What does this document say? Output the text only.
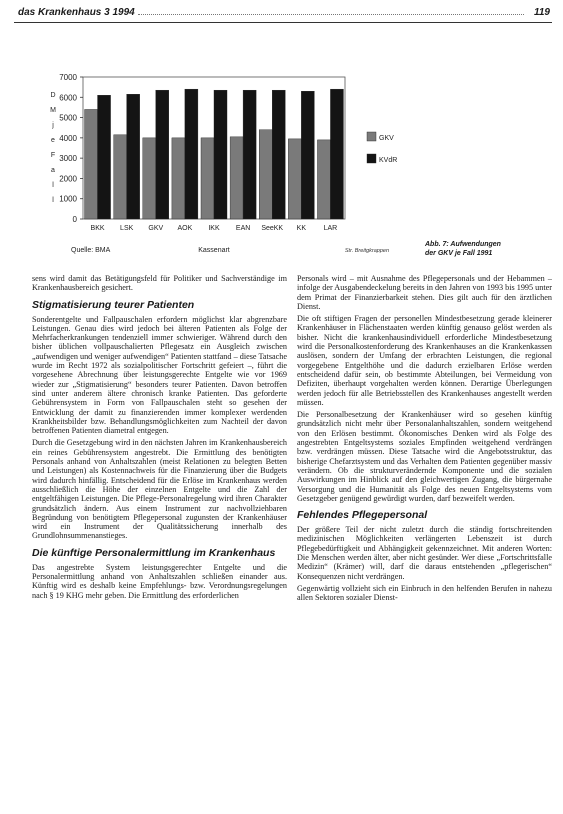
das Krankenhaus 3 1994	119
7000
6000
5000
4000
3000
2000
1000
0
D
M
j
e
F
a
l
l
BKK LSK GKV AOK IKK EAN SeeKK KK	LAR
Quelle: BMA	Kassenart	Str. Breitgkrappen
GKV
KVdR
Abb. 7: Aufwendungen
der GKV je Fall 1991

sens wird damit das Betätigungsfeld für Politiker und Sachverständige im Krankenhausbereich gesichert.

Stigmatisierung teurer Patienten

Sonderentgelte und Fallpauschalen erfordern möglichst klar abgrenzbare Leistungen. Genau dies wird jedoch bei älteren Patienten als Folge der Mehrfacherkrankungen tendenziell immer schwieriger. Während durch den bisher üblichen vollpauschalierten Pflegesatz ein Ausgleich zwischen „aufwendigen und weniger aufwendigen“ Patienten stattfand – diese Tatsache wurde im Recht 1972 als sozialpolitischer Fortschritt gefeiert –, führt die vorgesehene Abrechnung über leistungsgerechte Entgelte wie vor 1969 wieder zur „Stigmatisierung“ besonders teurer Patienten. Davon betroffen sind unter anderem ältere chronisch kranke Patienten. Das geforderte Gebührensystem in Form von Fallpauschalen steht so gesehen der Entwicklung der damit zu finanzierenden immer komplexer werdenden Krankheitsbilder bzw. Behandlungsmöglichkeiten zum Nachteil der davon betroffenen Patienten diametral entgegen.

Durch die Gesetzgebung wird in den nächsten Jahren im Krankenhausbereich ein reines Gebührensystem angestrebt. Die Ermittlung des benötigten Personals anhand von Anhaltszahlen (meist Relationen zu belegten Betten und Leistungen) als Kostennachweis für die Finanzierung über die Budgets wird dadurch hinfällig. Entscheidend für die Erlöse im Krankenhaus werden ausschließlich die Höhe der einzelnen Entgelte und die Zahl der entgeltfähigen Leistungen. Die Pflege-Personalregelung wird ihren Charakter grundsätzlich ändern. Aus einem Instrument zur nachvollziehbaren Begründung von benötigtem Pflegepersonal zugunsten der Krankenhäuser wird ein Instrument der Qualitätssicherung innerhalb des Grundlohnsummenanstieges.

Die künftige Personalermittlung im Krankenhaus

Das angestrebte System leistungsgerechter Entgelte und die Personalermittlung anhand von Anhaltszahlen schließen einander aus. Künftig wird es deshalb keine Empfehlungs- bzw. Verordnungsregelungen nach § 19 KHG mehr geben. Die Ermittlung des erforderlichen

Personals wird – mit Ausnahme des Pflegepersonals und der Hebammen – infolge der Ausgabendeckelung bereits in den Jahren von 1993 bis 1995 unter dem Primat der Finanzierbarkeit stehen. Dies gilt auch für den ärztlichen Dienst.

Die oft stiftigen Fragen der personellen Mindestbesetzung gerade kleinerer Krankenhäuser in Flächenstaaten werden künftig genauso gelöst werden als bisher. Nicht die krankenhausindividuell erforderliche Mindestbesetzung wird die Personalkostenforderung des Krankenhauses an die Krankenkassen auslösen, sondern der Umfang der erbrachten Leistungen, die regional vorgegebene Entgelthöhe und die dadurch erzielbaren Erlöse werden entscheidend dafür sein, ob bestimmte Abteilungen, bei Vermeidung von Defiziten, überhaupt vorgehalten werden können. Derartige Überlegungen werden jedoch für alle Betriebsstellen des Krankenhauses angestellt werden müssen.

Die Personalbesetzung der Krankenhäuser wird so gesehen künftig grundsätzlich nicht mehr über Personalanhaltszahlen, sondern weitgehend von den Erlösen bestimmt. Ökonomisches Denken wird als Folge des angestrebten Entgeltsystems soziales Empfinden weitgehend verdrängen bzw. verdrängen müssen. Diese Tatsache wird die Angebotsstruktur, das bisherige Chefarztsystem und das Verhalten dem Patienten gegenüber massiv verändern. Ob die strukturverändernde Komponente und die sozialen Auswirkungen im Hinblick auf den gleichwertigen Zugang, die bürgernahe Versorgung und die Humanität als Folge des neuen Entgeltsystems vom Gesetzgeber genügend gewürdigt wurden, darf bezweifelt werden.

Fehlendes Pflegepersonal

Der größere Teil der nicht zuletzt durch die ständig fortschreitenden medizinischen Möglichkeiten verlängerten Lebenszeit ist durch Pflegebedürftigkeit und Abhängigkeit gekennzeichnet. Mit anderen Worten: Die Menschen werden älter, aber nicht gesünder. Wer diese „Fortschrittsfalle Medizin“ (Krämer) will, darf die daraus entstehenden „pflegerischen“ Konsequenzen nicht verdrängen.

Gegenwärtig vollzieht sich ein Einbruch in den helfenden Berufen in nahezu allen Sektoren sozialer Dienst-
